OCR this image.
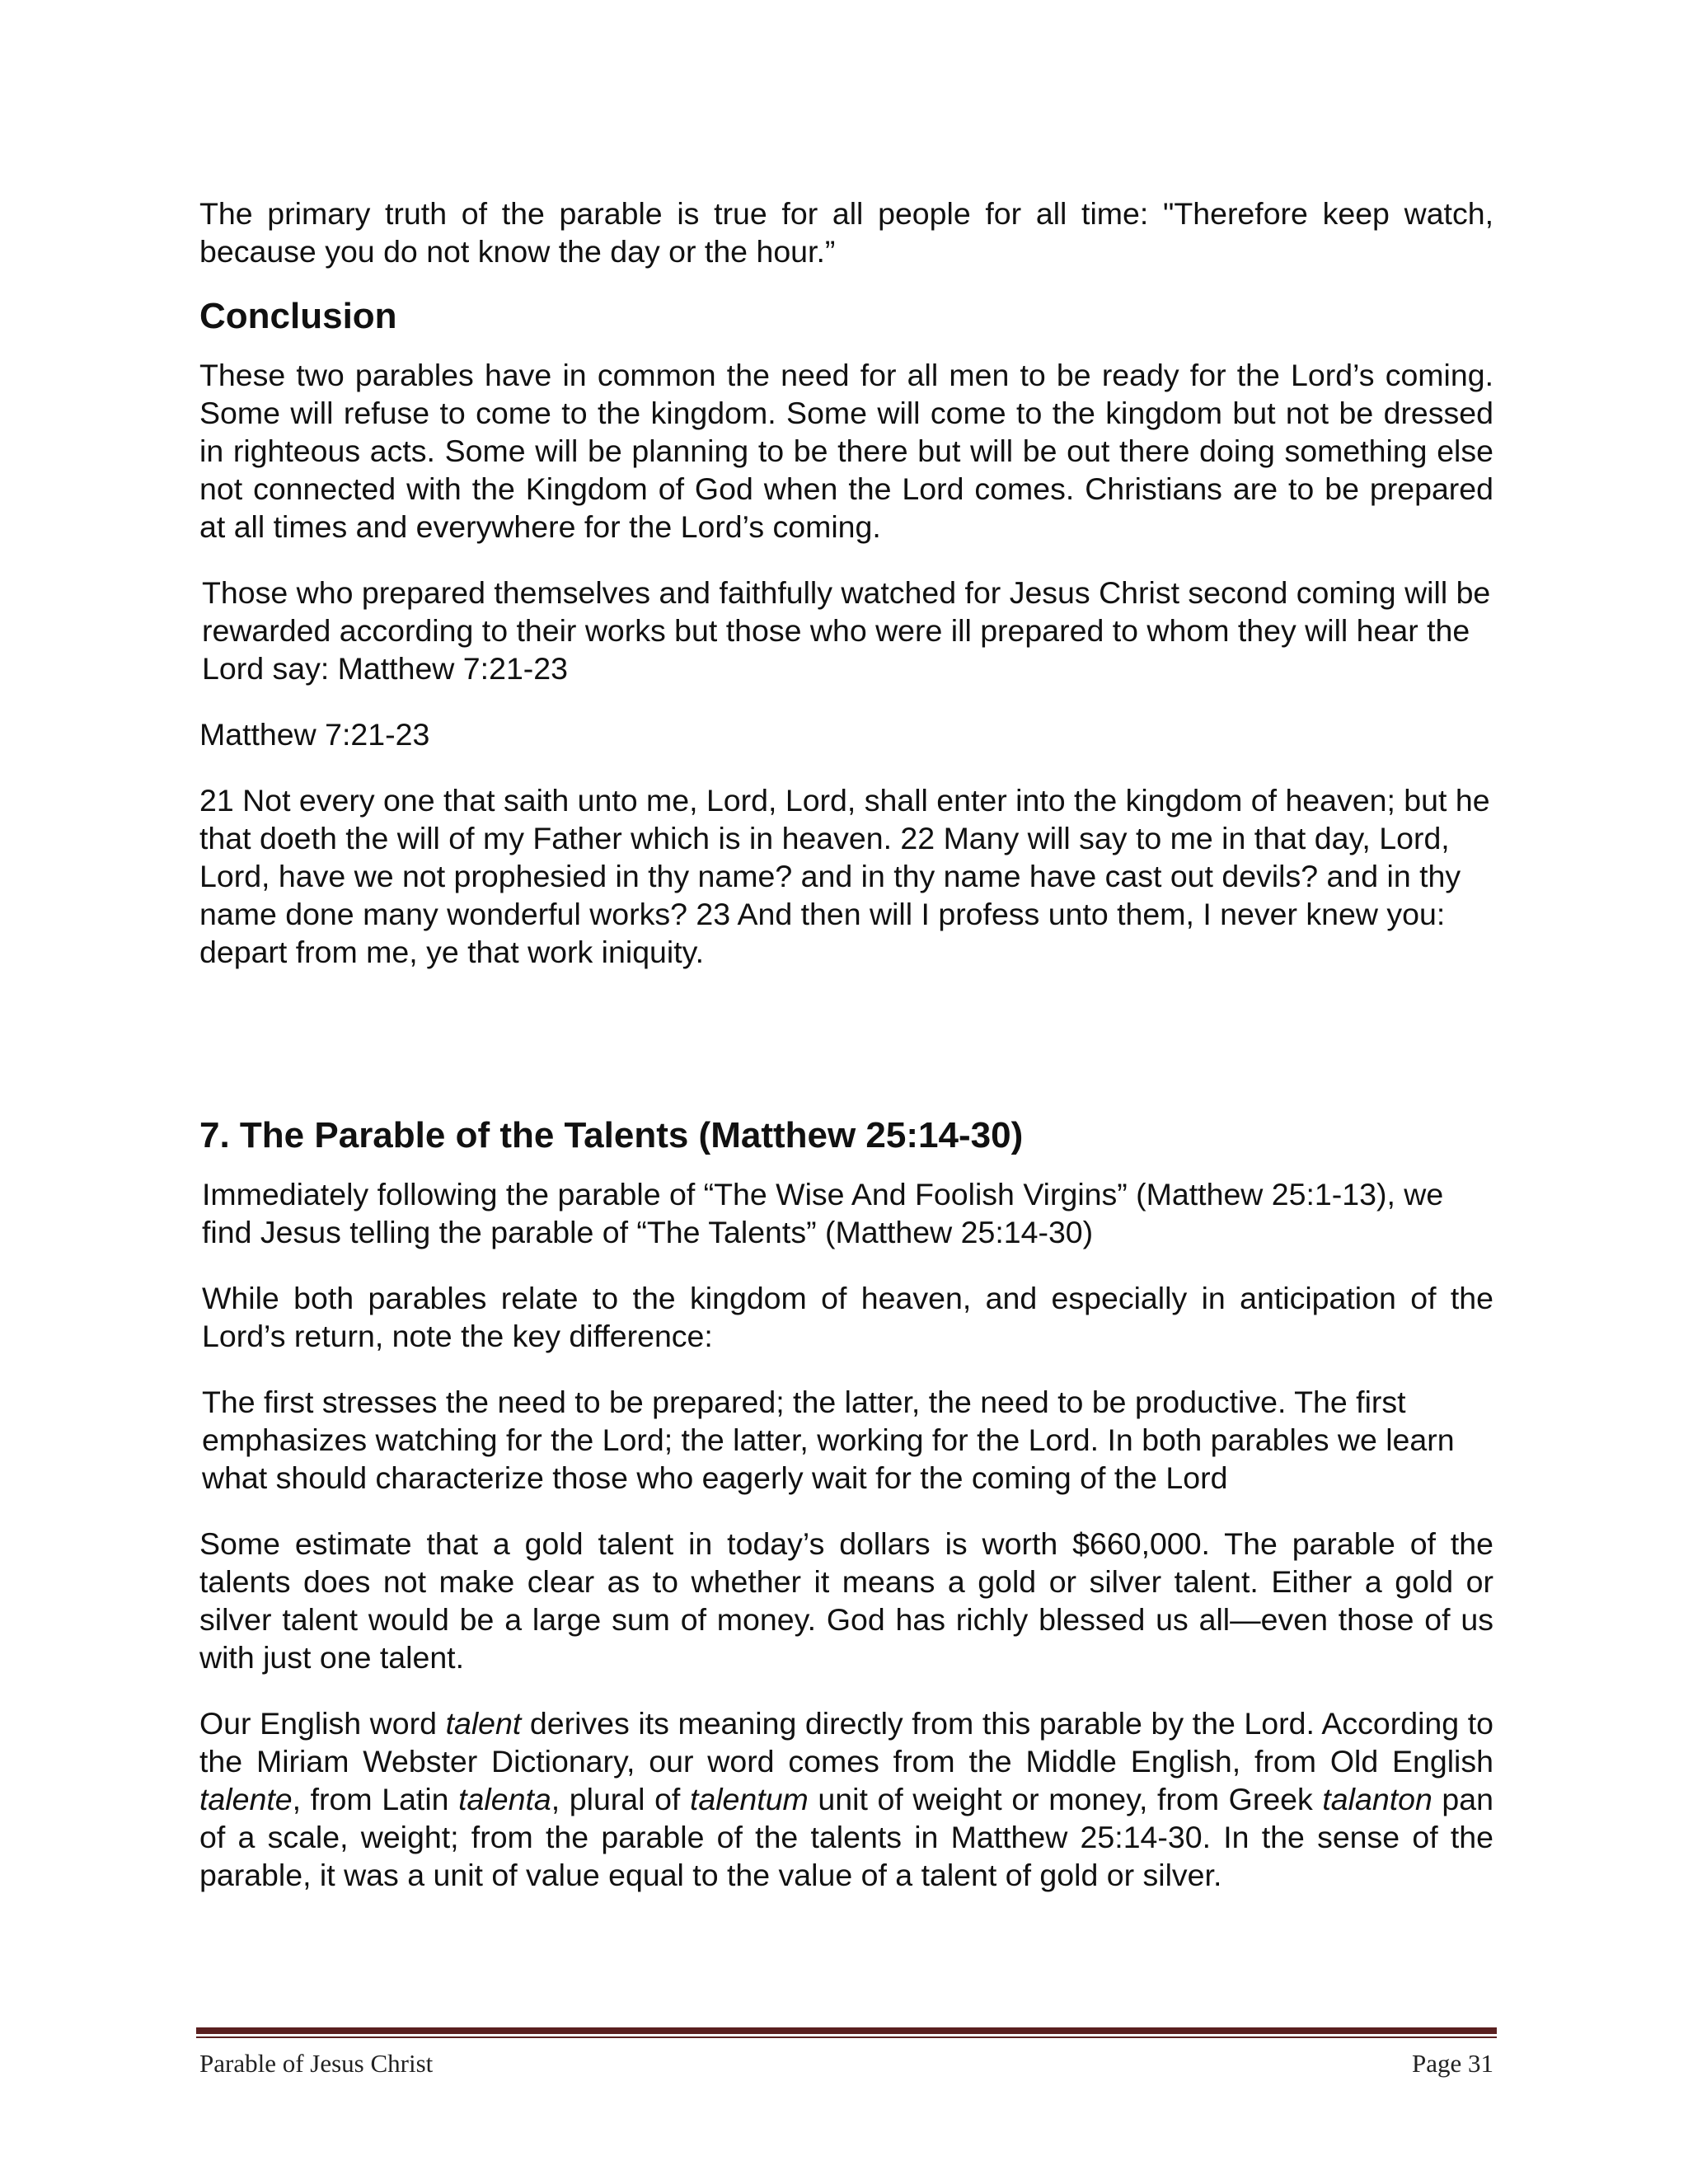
The primary truth of the parable is true for all people for all time: "Therefore keep watch, because you do not know the day or the hour.”

Conclusion

These two parables have in common the need for all men to be ready for the Lord’s coming. Some will refuse to come to the kingdom. Some will come to the kingdom but not be dressed in righteous acts. Some will be planning to be there but will be out there doing something else not connected with the Kingdom of God when the Lord comes. Christians are to be prepared at all times and everywhere for the Lord’s coming.

Those who prepared themselves and faithfully watched for Jesus Christ second coming will be rewarded according to their works but those who were ill prepared to whom they will hear the Lord say: Matthew 7:21-23

Matthew 7:21-23

21 Not every one that saith unto me, Lord, Lord, shall enter into the kingdom of heaven; but he that doeth the will of my Father which is in heaven. 22 Many will say to me in that day, Lord, Lord, have we not prophesied in thy name? and in thy name have cast out devils? and in thy name done many wonderful works? 23 And then will I profess unto them, I never knew you: depart from me, ye that work iniquity.

7. The Parable of the Talents (Matthew 25:14-30)

Immediately following the parable of “The Wise And Foolish Virgins” (Matthew 25:1-13), we find Jesus telling the parable of “The Talents” (Matthew 25:14-30)

While both parables relate to the kingdom of heaven, and especially in anticipation of the Lord’s return, note the key difference:

The first stresses the need to be prepared; the latter, the need to be productive. The first emphasizes watching for the Lord; the latter, working for the Lord. In both parables we learn what should characterize those who eagerly wait for the coming of the Lord

Some estimate that a gold talent in today’s dollars is worth $660,000. The parable of the talents does not make clear as to whether it means a gold or silver talent. Either a gold or silver talent would be a large sum of money. God has richly blessed us all—even those of us with just one talent.

Our English word talent derives its meaning directly from this parable by the Lord. According to the Miriam Webster Dictionary, our word comes from the Middle English, from Old English talente, from Latin talenta, plural of talentum unit of weight or money, from Greek talanton pan of a scale, weight; from the parable of the talents in Matthew 25:14-30. In the sense of the parable, it was a unit of value equal to the value of a talent of gold or silver.

Parable of Jesus Christ	Page 31
